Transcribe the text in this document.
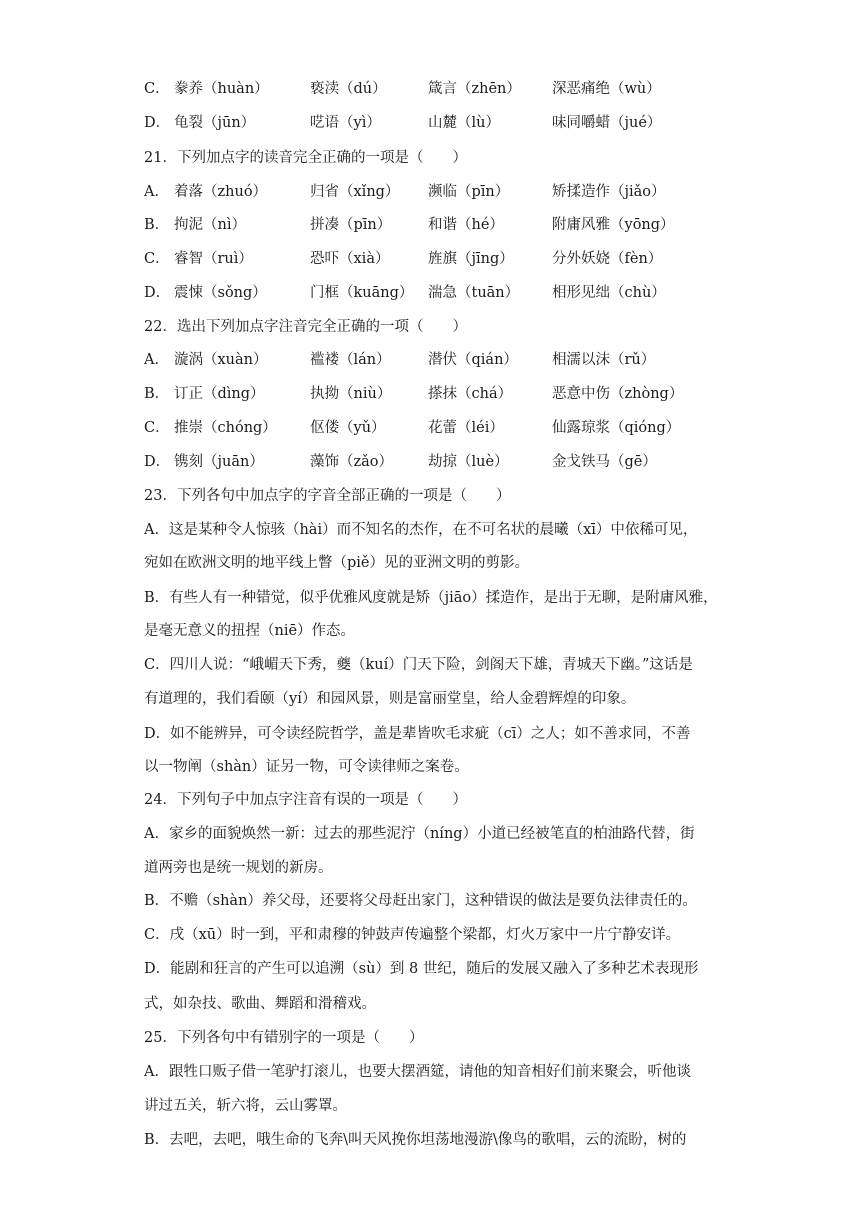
C． 豢养（huàn）	亵渎（dú）	箴言（zhēn）	深恶痛绝（wù）
D． 龟裂（jūn）	呓语（yì）	山麓（lù）	味同嚼蜡（jué）
21．下列加点字的读音完全正确的一项是（　　）
A． 着落（zhuó）	归省（xǐng）	濒临（pīn）	矫揉造作（jiǎo）
B． 拘泥（nì）	拼凑（pīn）	和谐（hé）	附庸风雅（yōng）
C． 睿智（ruì）	恐吓（xià）	旌旗（jīng）	分外妖娆（fèn）
D． 震悚（sǒng）	门框（kuāng） 湍急（tuān）	相形见绌（chù）
22．选出下列加点字注音完全正确的一项（　　）
A． 漩涡（xuàn）	褴褛（lán）	潜伏（qián）	相濡以沫（rǔ）
B． 订正（dìng）	执拗（niù）	搽抹（chá）	恶意中伤（zhòng）
C． 推崇（chóng）	伛偻（yǔ）	花蕾（léi）	仙露琼浆（qióng）
D． 镌刻（juān）	藻饰（zǎo）	劫掠（luè）	金戈铁马（gē）
23．下列各句中加点字的字音全部正确的一项是（　　）
A．这是某种令人惊骇（hài）而不知名的杰作，在不可名状的晨曦（xī）中依稀可见，
宛如在欧洲文明的地平线上瞥（piě）见的亚洲文明的剪影。
B．有些人有一种错觉，似乎优雅风度就是矫（jiāo）揉造作，是出于无聊，是附庸风雅，
是毫无意义的扭捏（niē）作态。
C．四川人说：“峨嵋天下秀，夔（kuí）门天下险，剑阁天下雄，青城天下幽。”这话是
有道理的，我们看颐（yí）和园风景，则是富丽堂皇，给人金碧辉煌的印象。
D．如不能辨异，可令读经院哲学，盖是辈皆吹毛求疵（cī）之人；如不善求同，不善
以一物阐（shàn）证另一物，可令读律师之案卷。
24．下列句子中加点字注音有误的一项是（　　）
A．家乡的面貌焕然一新：过去的那些泥泞（níng）小道已经被笔直的柏油路代替，街
道两旁也是统一规划的新房。
B．不赡（shàn）养父母，还要将父母赶出家门，这种错误的做法是要负法律责任的。
C．戌（xū）时一到，平和肃穆的钟鼓声传遍整个梁都，灯火万家中一片宁静安详。
D．能剧和狂言的产生可以追溯（sù）到 8 世纪，随后的发展又融入了多种艺术表现形
式，如杂技、歌曲、舞蹈和滑稽戏。
25．下列各句中有错别字的一项是（　　）
A．跟牲口贩子借一笔驴打滚儿，也要大摆酒筵，请他的知音相好们前来聚会，听他谈
讲过五关，斩六将，云山雾罩。
B．去吧，去吧，哦生命的飞奔\叫天风挽你坦荡地漫游\像鸟的歌唱，云的流盼，树的
